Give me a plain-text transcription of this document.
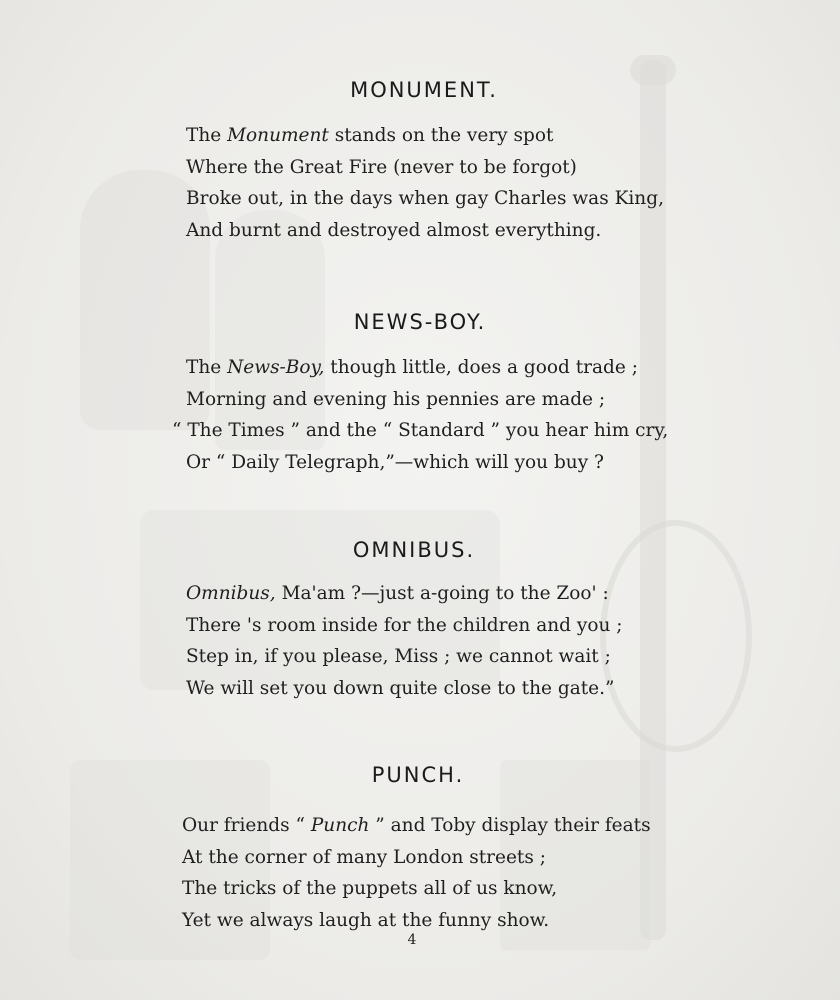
MONUMENT.
The Monument stands on the very spot
Where the Great Fire (never to be forgot)
Broke out, in the days when gay Charles was King,
And burnt and destroyed almost everything.
NEWS-BOY.
The News-Boy, though little, does a good trade ;
Morning and evening his pennies are made ;
“ The Times ” and the “ Standard ” you hear him cry,
Or “ Daily Telegraph,”—which will you buy ?
OMNIBUS.
Omnibus, Ma'am ?—just a-going to the Zoo' :
There 's room inside for the children and you ;
Step in, if you please, Miss ; we cannot wait ;
We will set you down quite close to the gate.”
PUNCH.
Our friends “ Punch ” and Toby display their feats
At the corner of many London streets ;
The tricks of the puppets all of us know,
Yet we always laugh at the funny show.
4
